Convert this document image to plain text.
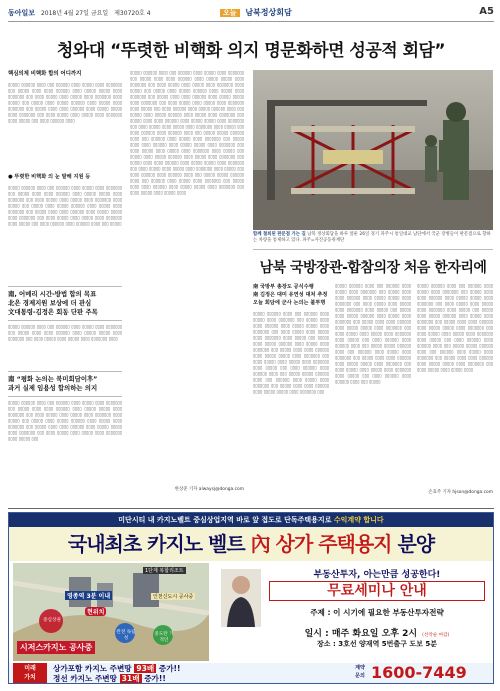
동아일보 2018년 4월 27일 금요일 제30720호 4	오늘 남북정상회담	A5
청와대 “뚜렷한 비핵화 의지 명문화하면 성공적 회담”
핵심의제 비핵화 합의 어디까지
▯▯▯▯▯ ▯▯▯▯▯▯ ▯▯▯▯ ▯▯▯ ▯▯▯▯▯▯ ▯▯▯▯ ▯▯▯▯▯ ▯▯▯▯ ▯▯▯▯▯▯▯ ▯▯▯ ▯▯▯▯▯ ▯▯▯▯ ▯▯▯▯ ▯▯▯▯▯▯ ▯▯▯▯ ▯▯▯▯▯ ▯▯▯▯▯ ▯▯▯▯ ▯▯▯▯▯▯▯ ▯▯▯ ▯▯▯▯ ▯▯▯▯▯ ▯▯▯▯ ▯▯▯▯▯ ▯▯▯▯ ▯▯▯▯▯▯▯ ▯▯▯▯ ▯▯▯▯▯ ▯▯▯ ▯▯▯▯▯ ▯▯▯▯ ▯▯▯▯▯ ▯▯▯▯▯▯ ▯▯▯▯ ▯▯▯▯▯ ▯▯▯▯ ▯▯▯▯▯▯▯ ▯▯▯ ▯▯▯▯▯ ▯▯▯▯ ▯▯▯▯ ▯▯▯▯▯▯ ▯▯▯▯ ▯▯▯▯▯ ▯▯▯▯▯ ▯▯▯▯ ▯▯▯▯▯▯▯ ▯▯▯ ▯▯▯▯ ▯▯▯▯▯ ▯▯▯▯ ▯▯▯▯▯ ▯▯▯▯ ▯▯▯▯▯▯▯ ▯▯▯▯ ▯▯▯▯▯ ▯▯▯ ▯▯▯▯ ▯▯▯▯▯▯ ▯▯▯▯
● 뚜렷한 비핵화 의 눈 말해 지원 등
▯▯▯▯▯ ▯▯▯▯▯▯ ▯▯▯▯ ▯▯▯ ▯▯▯▯▯▯ ▯▯▯▯ ▯▯▯▯▯ ▯▯▯▯ ▯▯▯▯▯▯▯ ▯▯▯ ▯▯▯▯▯ ▯▯▯▯ ▯▯▯▯ ▯▯▯▯▯▯ ▯▯▯▯ ▯▯▯▯▯ ▯▯▯▯▯ ▯▯▯▯ ▯▯▯▯▯▯▯ ▯▯▯ ▯▯▯▯ ▯▯▯▯▯ ▯▯▯▯ ▯▯▯▯▯ ▯▯▯▯ ▯▯▯▯▯▯▯ ▯▯▯▯ ▯▯▯▯▯ ▯▯▯ ▯▯▯▯▯ ▯▯▯▯ ▯▯▯▯▯ ▯▯▯▯▯▯ ▯▯▯▯ ▯▯▯▯▯ ▯▯▯▯ ▯▯▯▯▯▯▯ ▯▯▯ ▯▯▯▯▯ ▯▯▯▯ ▯▯▯▯ ▯▯▯▯▯▯ ▯▯▯▯ ▯▯▯▯▯ ▯▯▯▯▯ ▯▯▯▯ ▯▯▯▯▯▯▯ ▯▯▯ ▯▯▯▯ ▯▯▯▯▯ ▯▯▯▯ ▯▯▯▯▯ ▯▯▯▯ ▯▯▯▯▯▯▯ ▯▯▯▯ ▯▯▯▯▯ ▯▯▯ ▯▯▯▯ ▯▯▯▯▯▯ ▯▯▯▯ ▯▯▯▯▯▯ ▯▯▯▯ ▯▯▯ ▯▯▯▯▯
南, 어메리 시간-방법 합의 목표
北은 경제지원 보상에 더 관심
文대통령-김정은 회동 단판 주목
▯▯▯▯▯ ▯▯▯▯▯▯ ▯▯▯▯ ▯▯▯ ▯▯▯▯▯▯ ▯▯▯▯ ▯▯▯▯▯ ▯▯▯▯ ▯▯▯▯▯▯▯ ▯▯▯ ▯▯▯▯▯ ▯▯▯▯ ▯▯▯▯ ▯▯▯▯▯▯ ▯▯▯▯ ▯▯▯▯▯ ▯▯▯▯▯ ▯▯▯▯ ▯▯▯▯▯▯▯ ▯▯▯ ▯▯▯▯ ▯▯▯▯▯ ▯▯▯▯ ▯▯▯▯▯ ▯▯▯▯ ▯▯▯▯▯▯▯ ▯▯▯▯
南 “평화 논의는 북미회담이후”
과거 실제 임용성 합의하는 의지
▯▯▯▯▯ ▯▯▯▯▯▯ ▯▯▯▯ ▯▯▯ ▯▯▯▯▯▯ ▯▯▯▯ ▯▯▯▯▯ ▯▯▯▯ ▯▯▯▯▯▯▯ ▯▯▯ ▯▯▯▯▯ ▯▯▯▯ ▯▯▯▯ ▯▯▯▯▯▯ ▯▯▯▯ ▯▯▯▯▯ ▯▯▯▯▯ ▯▯▯▯ ▯▯▯▯▯▯▯ ▯▯▯ ▯▯▯▯ ▯▯▯▯▯ ▯▯▯▯ ▯▯▯▯▯ ▯▯▯▯ ▯▯▯▯▯▯▯ ▯▯▯▯ ▯▯▯▯▯ ▯▯▯ ▯▯▯▯▯ ▯▯▯▯ ▯▯▯▯▯ ▯▯▯▯▯▯ ▯▯▯▯ ▯▯▯▯▯ ▯▯▯▯ ▯▯▯▯▯▯▯ ▯▯▯ ▯▯▯▯▯ ▯▯▯▯ ▯▯▯▯ ▯▯▯▯▯▯ ▯▯▯▯ ▯▯▯▯▯ ▯▯▯▯▯ ▯▯▯▯ ▯▯▯▯▯▯▯ ▯▯▯ ▯▯▯▯ ▯▯▯▯▯ ▯▯▯▯ ▯▯▯▯▯ ▯▯▯▯ ▯▯▯▯▯▯▯ ▯▯▯▯ ▯▯▯▯▯ ▯▯▯
▯▯▯▯▯ ▯▯▯▯▯▯ ▯▯▯▯ ▯▯▯ ▯▯▯▯▯▯ ▯▯▯▯ ▯▯▯▯▯ ▯▯▯▯ ▯▯▯▯▯▯▯ ▯▯▯ ▯▯▯▯▯ ▯▯▯▯ ▯▯▯▯ ▯▯▯▯▯▯ ▯▯▯▯ ▯▯▯▯▯ ▯▯▯▯▯ ▯▯▯▯ ▯▯▯▯▯▯▯ ▯▯▯ ▯▯▯▯ ▯▯▯▯▯ ▯▯▯▯ ▯▯▯▯▯ ▯▯▯▯ ▯▯▯▯▯▯▯ ▯▯▯▯ ▯▯▯▯▯ ▯▯▯ ▯▯▯▯▯ ▯▯▯▯ ▯▯▯▯▯ ▯▯▯▯▯▯ ▯▯▯▯ ▯▯▯▯▯ ▯▯▯▯ ▯▯▯▯▯▯▯ ▯▯▯ ▯▯▯▯▯ ▯▯▯▯ ▯▯▯▯ ▯▯▯▯▯▯ ▯▯▯▯ ▯▯▯▯▯ ▯▯▯▯▯ ▯▯▯▯ ▯▯▯▯▯▯▯ ▯▯▯ ▯▯▯▯ ▯▯▯▯▯ ▯▯▯▯ ▯▯▯▯▯ ▯▯▯▯ ▯▯▯▯▯▯▯ ▯▯▯▯ ▯▯▯▯▯ ▯▯▯ ▯▯▯▯ ▯▯▯▯▯▯ ▯▯▯▯ ▯▯▯▯▯ ▯▯▯▯▯▯ ▯▯▯▯ ▯▯▯ ▯▯▯▯▯ ▯▯▯▯ ▯▯▯▯▯ ▯▯▯▯▯▯ ▯▯▯▯ ▯▯▯▯▯ ▯▯▯▯ ▯▯▯▯▯▯▯ ▯▯▯ ▯▯▯▯▯ ▯▯▯▯ ▯▯▯▯ ▯▯▯▯▯▯ ▯▯▯▯ ▯▯▯▯▯ ▯▯▯▯▯ ▯▯▯▯ ▯▯▯▯▯▯▯ ▯▯▯ ▯▯▯▯ ▯▯▯▯▯ ▯▯▯▯ ▯▯▯▯▯ ▯▯▯▯ ▯▯▯▯▯▯▯ ▯▯▯▯ ▯▯▯▯▯ ▯▯▯ ▯▯▯▯ ▯▯▯▯▯▯ ▯▯▯▯ ▯▯▯▯▯▯ ▯▯▯▯ ▯▯▯ ▯▯▯▯▯ ▯▯▯▯▯ ▯▯▯▯▯▯ ▯▯▯▯ ▯▯▯ ▯▯▯▯▯▯ ▯▯▯▯ ▯▯▯▯▯ ▯▯▯▯ ▯▯▯▯▯▯▯ ▯▯▯ ▯▯▯▯▯ ▯▯▯▯ ▯▯▯▯ ▯▯▯▯▯▯ ▯▯▯▯ ▯▯▯▯▯ ▯▯▯▯▯ ▯▯▯▯ ▯▯▯▯▯▯▯ ▯▯▯ ▯▯▯▯ ▯▯▯▯▯ ▯▯▯▯ ▯▯▯▯▯ ▯▯▯▯ ▯▯▯▯▯▯▯ ▯▯▯▯ ▯▯▯▯▯ ▯▯▯ ▯▯▯▯▯ ▯▯▯▯ ▯▯▯▯▯ ▯▯▯▯▯▯ ▯▯▯▯ ▯▯▯▯▯ ▯▯▯▯ ▯▯▯▯▯▯▯ ▯▯▯ ▯▯▯▯▯ ▯▯▯▯ ▯▯▯▯ ▯▯▯▯▯▯ ▯▯▯▯ ▯▯▯▯▯ ▯▯▯▯▯ ▯▯▯▯ ▯▯▯▯▯▯▯ ▯▯▯ ▯▯▯▯ ▯▯▯▯▯ ▯▯▯▯ ▯▯▯▯▯ ▯▯▯▯ ▯▯▯▯▯▯▯ ▯▯▯▯ ▯▯▯▯▯ ▯▯▯ ▯▯▯▯ ▯▯▯▯▯▯ ▯▯▯▯ ▯▯▯▯▯▯ ▯▯▯▯ ▯▯▯ ▯▯▯▯▯ ▯▯▯▯▯ ▯▯▯▯▯▯ ▯▯▯▯ ▯▯▯ ▯▯▯▯▯▯ ▯▯▯▯ ▯▯▯▯▯ ▯▯▯▯ ▯▯▯▯▯▯▯ ▯▯▯ ▯▯▯▯▯ ▯▯▯▯ ▯▯▯▯ ▯▯▯▯▯▯ ▯▯▯▯ ▯▯▯▯▯ ▯▯▯▯▯ ▯▯▯▯ ▯▯▯▯▯▯▯ ▯▯▯ ▯▯▯▯ ▯▯▯▯▯ ▯▯▯▯ ▯▯▯▯▯ ▯▯▯▯
한상준 기자 alwaysj@donga.com
함께 철퇴된 판문점 가는 길 남북 정상회담을 하루 앞둔 26일 경기 파주시 통일대교 남단에서 국군 장병들이 판문점으로 향하는 차량을 통제하고 있다. 파주=사진공동취재단
남북 국방장관-합참의장 처음 한자리에
南 국방부 총장도 공식수행
南 김정은 대미 유연성 대처 추정
오늘 회담에 군사 논의는 불투명
▯▯▯▯▯ ▯▯▯▯▯▯ ▯▯▯▯ ▯▯▯ ▯▯▯▯▯▯ ▯▯▯▯ ▯▯▯▯▯ ▯▯▯▯ ▯▯▯▯▯▯▯ ▯▯▯ ▯▯▯▯▯ ▯▯▯▯ ▯▯▯▯ ▯▯▯▯▯▯ ▯▯▯▯ ▯▯▯▯▯ ▯▯▯▯▯ ▯▯▯▯ ▯▯▯▯▯▯▯ ▯▯▯ ▯▯▯▯ ▯▯▯▯▯ ▯▯▯▯ ▯▯▯▯▯ ▯▯▯▯ ▯▯▯▯▯▯▯ ▯▯▯▯ ▯▯▯▯▯ ▯▯▯ ▯▯▯▯▯ ▯▯▯▯ ▯▯▯▯▯ ▯▯▯▯▯▯ ▯▯▯▯ ▯▯▯▯▯ ▯▯▯▯ ▯▯▯▯▯▯▯ ▯▯▯ ▯▯▯▯▯ ▯▯▯▯ ▯▯▯▯ ▯▯▯▯▯▯ ▯▯▯▯ ▯▯▯▯▯ ▯▯▯▯▯ ▯▯▯▯ ▯▯▯▯▯▯▯ ▯▯▯ ▯▯▯▯ ▯▯▯▯▯ ▯▯▯▯ ▯▯▯▯▯ ▯▯▯▯ ▯▯▯▯▯▯▯ ▯▯▯▯ ▯▯▯▯▯ ▯▯▯ ▯▯▯▯ ▯▯▯▯▯▯ ▯▯▯▯ ▯▯▯▯▯▯ ▯▯▯▯ ▯▯▯ ▯▯▯▯▯ ▯▯▯▯▯ ▯▯▯▯▯▯ ▯▯▯▯ ▯▯▯ ▯▯▯▯▯▯ ▯▯▯▯ ▯▯▯▯▯ ▯▯▯▯ ▯▯▯▯▯▯▯ ▯▯▯ ▯▯▯▯▯ ▯▯▯▯ ▯▯▯▯ ▯▯▯▯▯▯ ▯▯▯▯ ▯▯▯▯▯ ▯▯▯▯▯ ▯▯▯▯ ▯▯▯▯▯▯▯ ▯▯▯
▯▯▯▯▯ ▯▯▯▯▯▯ ▯▯▯▯ ▯▯▯ ▯▯▯▯▯▯ ▯▯▯▯ ▯▯▯▯▯ ▯▯▯▯ ▯▯▯▯▯▯▯ ▯▯▯ ▯▯▯▯▯ ▯▯▯▯ ▯▯▯▯ ▯▯▯▯▯▯ ▯▯▯▯ ▯▯▯▯▯ ▯▯▯▯▯ ▯▯▯▯ ▯▯▯▯▯▯▯ ▯▯▯ ▯▯▯▯ ▯▯▯▯▯ ▯▯▯▯ ▯▯▯▯▯ ▯▯▯▯ ▯▯▯▯▯▯▯ ▯▯▯▯ ▯▯▯▯▯ ▯▯▯ ▯▯▯▯▯ ▯▯▯▯ ▯▯▯▯▯ ▯▯▯▯▯▯ ▯▯▯▯ ▯▯▯▯▯ ▯▯▯▯ ▯▯▯▯▯▯▯ ▯▯▯ ▯▯▯▯▯ ▯▯▯▯ ▯▯▯▯ ▯▯▯▯▯▯ ▯▯▯▯ ▯▯▯▯▯ ▯▯▯▯▯ ▯▯▯▯ ▯▯▯▯▯▯▯ ▯▯▯ ▯▯▯▯ ▯▯▯▯▯ ▯▯▯▯ ▯▯▯▯▯ ▯▯▯▯ ▯▯▯▯▯▯▯ ▯▯▯▯ ▯▯▯▯▯ ▯▯▯ ▯▯▯▯ ▯▯▯▯▯▯ ▯▯▯▯ ▯▯▯▯▯▯ ▯▯▯▯ ▯▯▯ ▯▯▯▯▯ ▯▯▯▯▯ ▯▯▯▯▯▯ ▯▯▯▯ ▯▯▯ ▯▯▯▯▯▯ ▯▯▯▯ ▯▯▯▯▯ ▯▯▯▯ ▯▯▯▯▯▯▯ ▯▯▯ ▯▯▯▯▯ ▯▯▯▯ ▯▯▯▯ ▯▯▯▯▯▯ ▯▯▯▯ ▯▯▯▯▯ ▯▯▯▯▯ ▯▯▯▯ ▯▯▯▯▯▯▯ ▯▯▯ ▯▯▯▯ ▯▯▯▯▯ ▯▯▯▯ ▯▯▯▯▯ ▯▯▯▯ ▯▯▯▯▯▯▯ ▯▯▯▯ ▯▯▯▯▯ ▯▯▯ ▯▯▯▯ ▯▯▯▯▯▯ ▯▯▯▯ ▯▯▯▯▯▯ ▯▯▯▯ ▯▯▯ ▯▯▯▯▯
▯▯▯▯▯ ▯▯▯▯▯▯ ▯▯▯▯ ▯▯▯ ▯▯▯▯▯▯ ▯▯▯▯ ▯▯▯▯▯ ▯▯▯▯ ▯▯▯▯▯▯▯ ▯▯▯ ▯▯▯▯▯ ▯▯▯▯ ▯▯▯▯ ▯▯▯▯▯▯ ▯▯▯▯ ▯▯▯▯▯ ▯▯▯▯▯ ▯▯▯▯ ▯▯▯▯▯▯▯ ▯▯▯ ▯▯▯▯ ▯▯▯▯▯ ▯▯▯▯ ▯▯▯▯▯ ▯▯▯▯ ▯▯▯▯▯▯▯ ▯▯▯▯ ▯▯▯▯▯ ▯▯▯ ▯▯▯▯▯ ▯▯▯▯ ▯▯▯▯▯ ▯▯▯▯▯▯ ▯▯▯▯ ▯▯▯▯▯ ▯▯▯▯ ▯▯▯▯▯▯▯ ▯▯▯ ▯▯▯▯▯ ▯▯▯▯ ▯▯▯▯ ▯▯▯▯▯▯ ▯▯▯▯ ▯▯▯▯▯ ▯▯▯▯▯ ▯▯▯▯ ▯▯▯▯▯▯▯ ▯▯▯ ▯▯▯▯ ▯▯▯▯▯ ▯▯▯▯ ▯▯▯▯▯ ▯▯▯▯ ▯▯▯▯▯▯▯ ▯▯▯▯ ▯▯▯▯▯ ▯▯▯ ▯▯▯▯ ▯▯▯▯▯▯ ▯▯▯▯ ▯▯▯▯▯▯ ▯▯▯▯ ▯▯▯ ▯▯▯▯▯ ▯▯▯▯▯ ▯▯▯▯▯▯ ▯▯▯▯ ▯▯▯ ▯▯▯▯▯▯ ▯▯▯▯ ▯▯▯▯▯ ▯▯▯▯ ▯▯▯▯▯▯▯ ▯▯▯ ▯▯▯▯▯ ▯▯▯▯ ▯▯▯▯ ▯▯▯▯▯▯ ▯▯▯▯ ▯▯▯▯▯ ▯▯▯▯▯ ▯▯▯▯ ▯▯▯▯▯▯▯ ▯▯▯ ▯▯▯▯ ▯▯▯▯▯ ▯▯▯▯ ▯▯▯▯▯ ▯▯▯▯
손효주 기자 hjson@donga.com
미단시티 내 카지노벨트 중심상업지역 바로 앞 접도로 단독주택용지로 수익계약 합니다
국내최초 카지노 벨트 內 상가 주택용지 분양
영종역 3분 이내
현위치
1단계 복합리조트
인천신도시 공사중
시저스카지노 공사중
중심상권
완전 독립성
중도탄 가격인
부동산투자, 아는만큼 성공한다!
무료세미나 안내
주제 : 이 시기에 필요한 부동산투자전략
일시 : 매주 화요일 오후 2시 (선착순 마감)
장소 : 3호선 양재역 5번출구 도보 5분
미래
가치
상가포함 카지노 주변땅 93배 증가!!
정선 카지노 주변땅 31배 증가!!
계약
문의 1600-7449
